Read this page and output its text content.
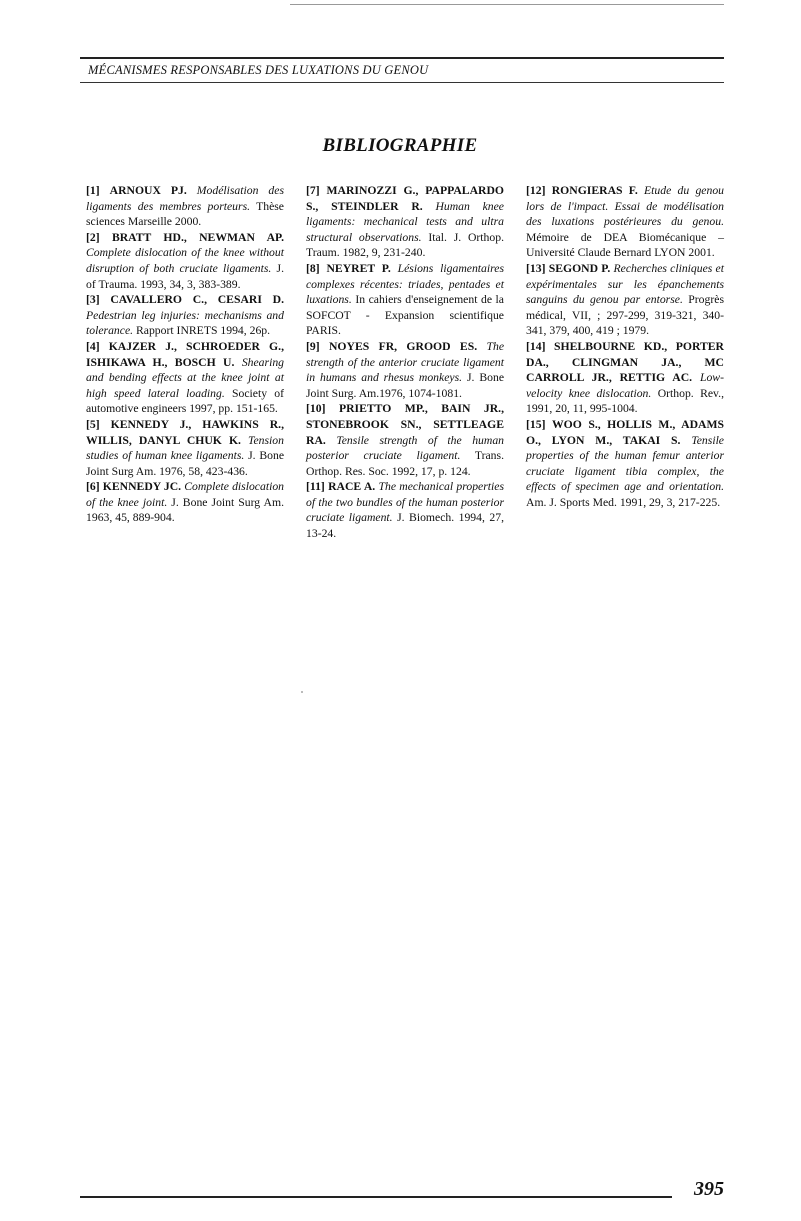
MÉCANISMES RESPONSABLES DES LUXATIONS DU GENOU
BIBLIOGRAPHIE

[1] ARNOUX PJ. Modélisation des ligaments des membres porteurs. Thèse sciences Marseille 2000.

[2] BRATT HD., NEWMAN AP. Complete dislocation of the knee without disruption of both cruciate ligaments. J. of Trauma. 1993, 34, 3, 383-389.

[3] CAVALLERO C., CESARI D. Pedestrian leg injuries: mechanisms and tolerance. Rapport INRETS 1994, 26p.

[4] KAJZER J., SCHROEDER G., ISHIKAWA H., BOSCH U. Shearing and bending effects at the knee joint at high speed lateral loading. Society of automotive engineers 1997, pp. 151-165.

[5] KENNEDY J., HAWKINS R., WILLIS, DANYL CHUK K. Tension studies of human knee ligaments. J. Bone Joint Surg Am. 1976, 58, 423-436.

[6] KENNEDY JC. Complete dislocation of the knee joint. J. Bone Joint Surg Am. 1963, 45, 889-904.

[7] MARINOZZI G., PAPPALARDO S., STEINDLER R. Human knee ligaments: mechanical tests and ultra structural observations. Ital. J. Orthop. Traum. 1982, 9, 231-240.

[8] NEYRET P. Lésions ligamentaires complexes récentes: triades, pentades et luxations. In cahiers d'enseignement de la SOFCOT - Expansion scientifique PARIS.

[9] NOYES FR, GROOD ES. The strength of the anterior cruciate ligament in humans and rhesus monkeys. J. Bone Joint Surg. Am.1976, 1074-1081.

[10] PRIETTO MP., BAIN JR., STONEBROOK SN., SETTLEAGE RA. Tensile strength of the human posterior cruciate ligament. Trans. Orthop. Res. Soc. 1992, 17, p. 124.

[11] RACE A. The mechanical properties of the two bundles of the human posterior cruciate ligament. J. Biomech. 1994, 27, 13-24.

[12] RONGIERAS F. Etude du genou lors de l'impact. Essai de modélisation des luxations postérieures du genou. Mémoire de DEA Biomécanique – Université Claude Bernard LYON 2001.

[13] SEGOND P. Recherches cliniques et expérimentales sur les épanchements sanguins du genou par entorse. Progrès médical, VII, ; 297-299, 319-321, 340-341, 379, 400, 419 ; 1979.

[14] SHELBOURNE KD., PORTER DA., CLINGMAN JA., MC CARROLL JR., RETTIG AC. Low-velocity knee dislocation. Orthop. Rev., 1991, 20, 11, 995-1004.

[15] WOO S., HOLLIS M., ADAMS O., LYON M., TAKAI S. Tensile properties of the human femur anterior cruciate ligament tibia complex, the effects of specimen age and orientation. Am. J. Sports Med. 1991, 29, 3, 217-225.

395
